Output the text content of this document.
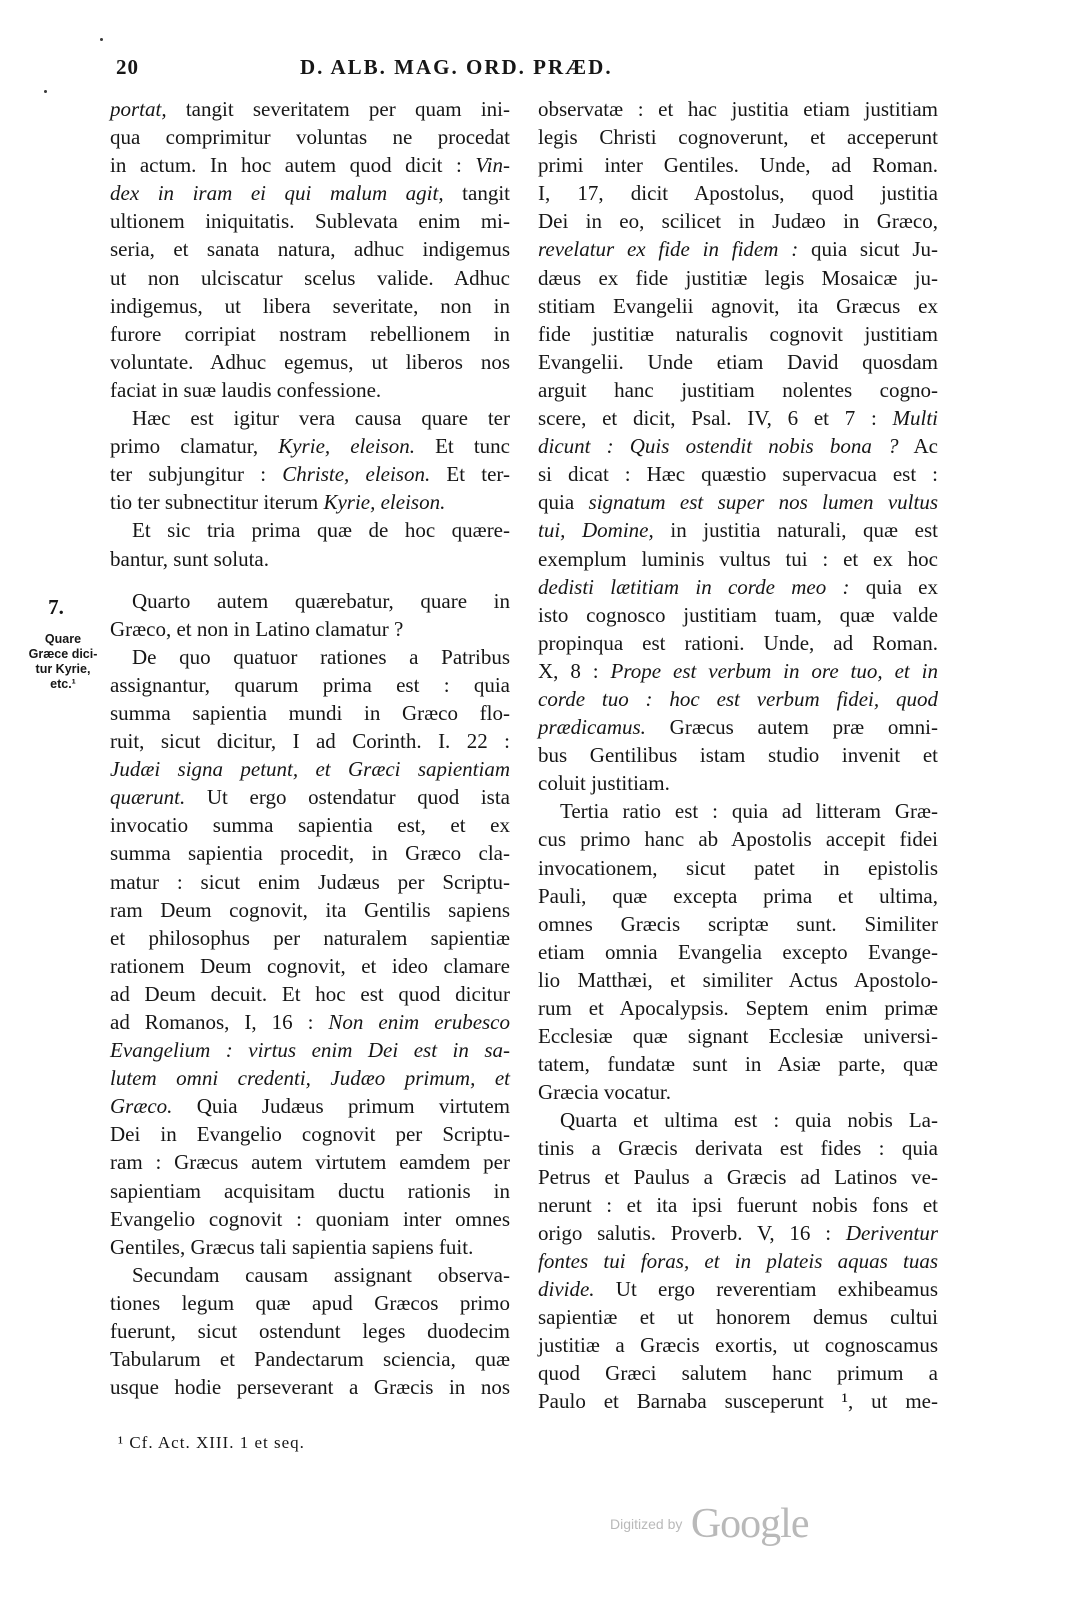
20	D. ALB. MAG. ORD. PRÆD.
portat, tangit severitatem per quam ini-
qua comprimitur voluntas ne procedat
in actum. In hoc autem quod dicit : Vin-
dex in iram ei qui malum agit, tangit
ultionem iniquitatis. Sublevata enim mi-
seria, et sanata natura, adhuc indigemus
ut non ulciscatur scelus valide. Adhuc
indigemus, ut libera severitate, non in
furore corripiat nostram rebellionem in
voluntate. Adhuc egemus, ut liberos nos
faciat in suæ laudis confessione.
Hæc est igitur vera causa quare ter
primo clamatur, Kyrie, eleison. Et tunc
ter subjungitur : Christe, eleison. Et ter-
tio ter subnectitur iterum Kyrie, eleison.
Et sic tria prima quæ de hoc quære-
bantur, sunt soluta.
Quarto autem quærebatur, quare in
Græco, et non in Latino clamatur ?
De quo quatuor rationes a Patribus
assignantur, quarum prima est : quia
summa sapientia mundi in Græco flo-
ruit, sicut dicitur, I ad Corinth. I. 22 :
Judæi signa petunt, et Græci sapientiam
quærunt. Ut ergo ostendatur quod ista
invocatio summa sapientia est, et ex
summa sapientia procedit, in Græco cla-
matur : sicut enim Judæus per Scriptu-
ram Deum cognovit, ita Gentilis sapiens
et philosophus per naturalem sapientiæ
rationem Deum cognovit, et ideo clamare
ad Deum decuit. Et hoc est quod dicitur
ad Romanos, I, 16 : Non enim erubesco
Evangelium : virtus enim Dei est in sa-
lutem omni credenti, Judæo primum, et
Græco. Quia Judæus primum virtutem
Dei in Evangelio cognovit per Scriptu-
ram : Græcus autem virtutem eamdem per
sapientiam acquisitam ductu rationis in
Evangelio cognovit : quoniam inter omnes
Gentiles, Græcus tali sapientia sapiens fuit.
Secundam causam assignant observa-
tiones legum quæ apud Græcos primo
fuerunt, sicut ostendunt leges duodecim
Tabularum et Pandectarum sciencia, quæ
usque hodie perseverant a Græcis in nos
observatæ : et hac justitia etiam justitiam
legis Christi cognoverunt, et acceperunt
primi inter Gentiles. Unde, ad Roman.
I, 17, dicit Apostolus, quod justitia
Dei in eo, scilicet in Judæo in Græco,
revelatur ex fide in fidem : quia sicut Ju-
dæus ex fide justitiæ legis Mosaicæ ju-
stitiam Evangelii agnovit, ita Græcus ex
fide justitiæ naturalis cognovit justitiam
Evangelii. Unde etiam David quosdam
arguit hanc justitiam nolentes cogno-
scere, et dicit, Psal. IV, 6 et 7 : Multi
dicunt : Quis ostendit nobis bona ? Ac
si dicat : Hæc quæstio supervacua est :
quia signatum est super nos lumen vultus
tui, Domine, in justitia naturali, quæ est
exemplum luminis vultus tui : et ex hoc
dedisti lætitiam in corde meo : quia ex
isto cognosco justitiam tuam, quæ valde
propinqua est rationi. Unde, ad Roman.
X, 8 : Prope est verbum in ore tuo, et in
corde tuo : hoc est verbum fidei, quod
prædicamus. Græcus autem præ omni-
bus Gentilibus istam studio invenit et
coluit justitiam.
Tertia ratio est : quia ad litteram Græ-
cus primo hanc ab Apostolis accepit fidei
invocationem, sicut patet in epistolis
Pauli, quæ excepta prima et ultima,
omnes Græcis scriptæ sunt. Similiter
etiam omnia Evangelia excepto Evange-
lio Matthæi, et similiter Actus Apostolo-
rum et Apocalypsis. Septem enim primæ
Ecclesiæ quæ signant Ecclesiæ universi-
tatem, fundatæ sunt in Asiæ parte, quæ
Græcia vocatur.
Quarta et ultima est : quia nobis La-
tinis a Græcis derivata est fides : quia
Petrus et Paulus a Græcis ad Latinos ve-
nerunt : et ita ipsi fuerunt nobis fons et
origo salutis. Proverb. V, 16 : Deriventur
fontes tui foras, et in plateis aquas tuas
divide. Ut ergo reverentiam exhibeamus
sapientiæ et ut honorem demus cultui
justitiæ a Græcis exortis, ut cognoscamus
quod Græci salutem hanc primum a
Paulo et Barnaba susceperunt ¹, ut me-
7.
Quare
Græce dici-
tur Kyrie,
etc.¹
¹ Cf. Act. XIII. 1 et seq.
Digitized by Google
